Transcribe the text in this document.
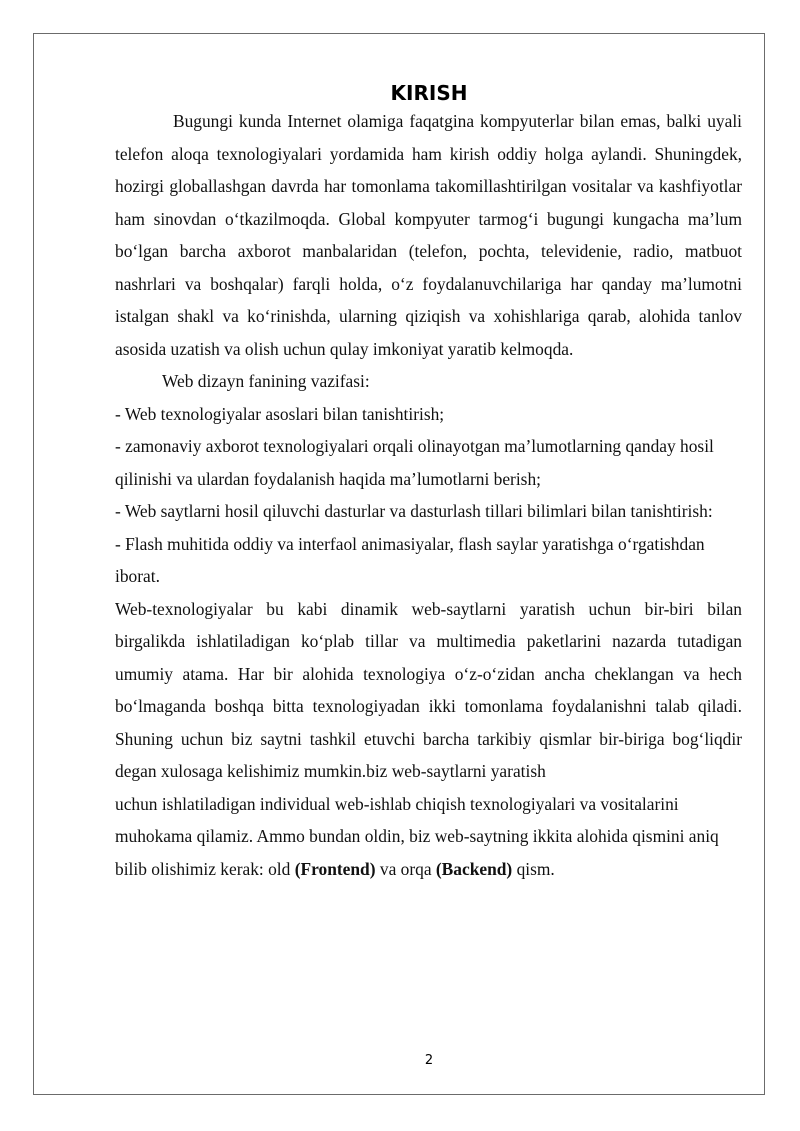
KIRISH

Bugungi kunda Internet olamiga faqatgina kompyuterlar bilan emas, balki uyali telefon aloqa texnologiyalari yordamida ham kirish oddiy holga aylandi. Shuningdek, hozirgi globallashgan davrda har tomonlama takomillashtirilgan vositalar va kashfiyotlar ham sinovdan o‘tkazilmoqda. Global kompyuter tarmog‘i bugungi kungacha ma’lum bo‘lgan barcha axborot manbalaridan (telefon, pochta, televidenie, radio, matbuot nashrlari va boshqalar) farqli holda, o‘z foydalanuvchilariga har qanday ma’lumotni istalgan shakl va ko‘rinishda, ularning qiziqish va xohishlariga qarab, alohida tanlov asosida uzatish va olish uchun qulay imkoniyat yaratib kelmoqda.

Web dizayn fanining vazifasi:

- Web texnologiyalar asoslari bilan tanishtirish;

- zamonaviy axborot texnologiyalari orqali olinayotgan ma’lumotlarning qanday hosil qilinishi va ulardan foydalanish haqida ma’lumotlarni berish;

- Web saytlarni hosil qiluvchi dasturlar va dasturlash tillari bilimlari bilan tanishtirish:

- Flash muhitida oddiy va interfaol animasiyalar, flash saylar yaratishga o‘rgatishdan iborat.

Web-texnologiyalar bu kabi dinamik web-saytlarni yaratish uchun bir-biri bilan birgalikda ishlatiladigan ko‘plab tillar va multimedia paketlarini nazarda tutadigan umumiy atama. Har bir alohida texnologiya o‘z-o‘zidan ancha cheklangan va hech bo‘lmaganda boshqa bitta texnologiyadan ikki tomonlama foydalanishni talab qiladi. Shuning uchun biz saytni tashkil etuvchi barcha tarkibiy qismlar bir-biriga bog‘liqdir degan xulosaga kelishimiz mumkin.biz web-saytlarni yaratish

uchun ishlatiladigan individual web-ishlab chiqish texnologiyalari va vositalarini muhokama qilamiz. Ammo bundan oldin, biz web-saytning ikkita alohida qismini aniq bilib olishimiz kerak: old (Frontend) va orqa (Backend) qism.

2
